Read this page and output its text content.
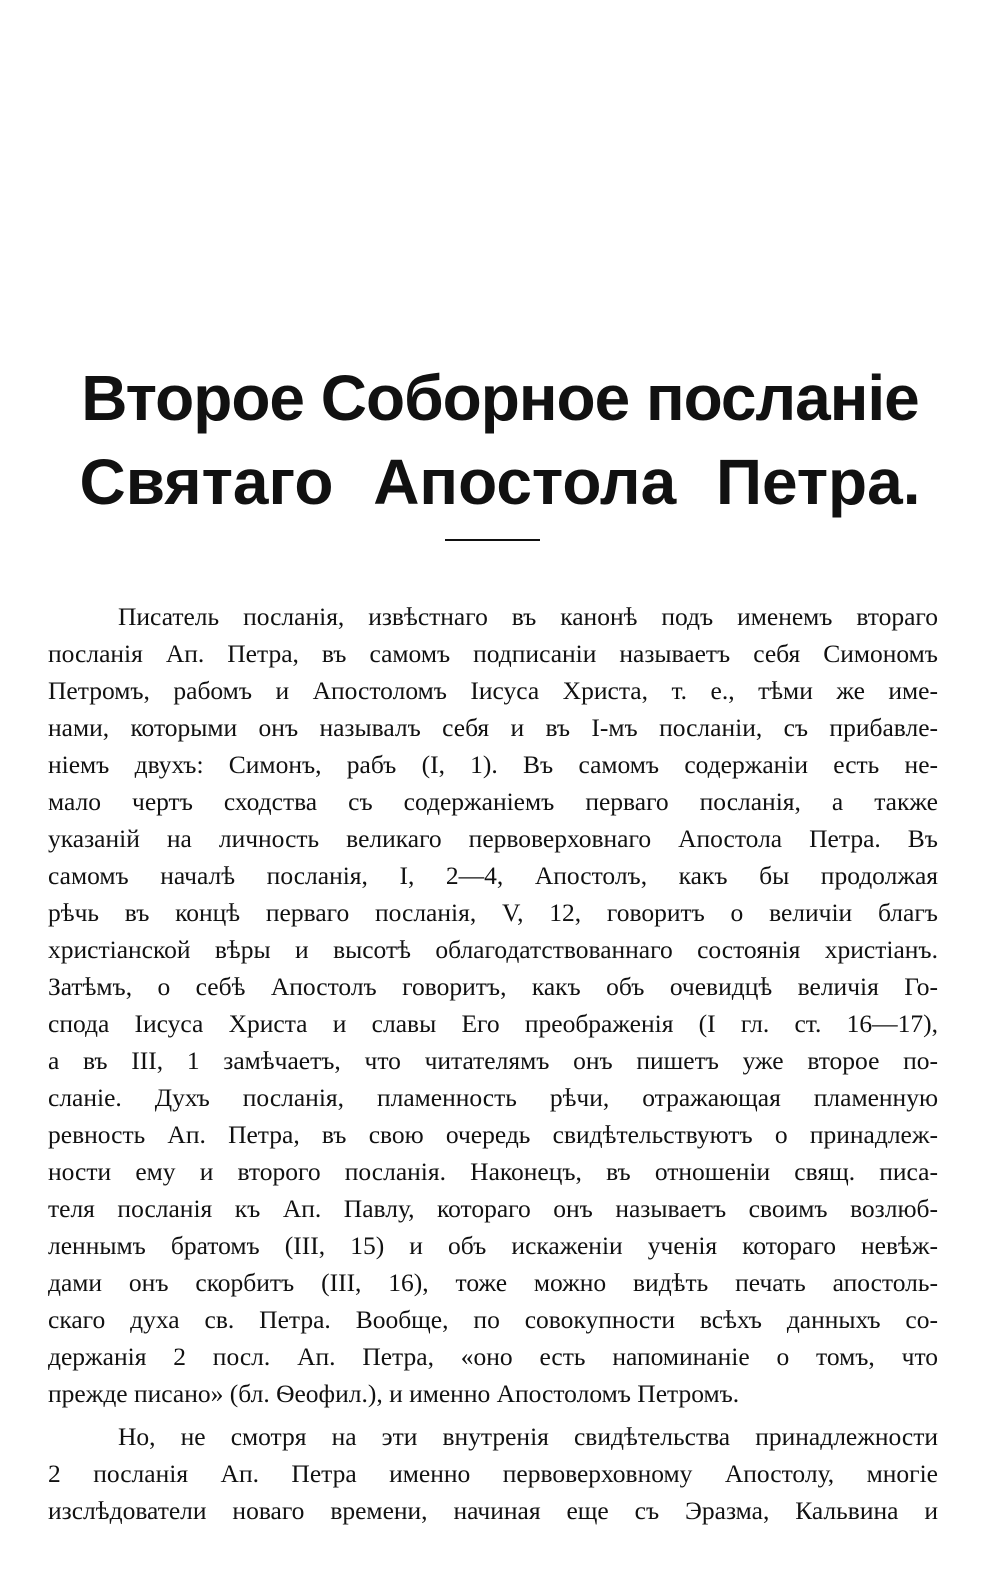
Второе Соборное посланіе
Святаго Апостола Петра.
Писатель посланія, извѣстнаго въ канонѣ подъ именемъ втораго
посланія Ап. Петра, въ самомъ подписаніи называетъ себя Симономъ
Петромъ, рабомъ и Апостоломъ Іисуса Христа, т. е., тѣми же име-
нами, которыми онъ называлъ себя и въ І-мъ посланіи, съ прибавле-
ніемъ двухъ: Симонъ, рабъ (I, 1). Въ самомъ содержаніи есть не-
мало чертъ сходства съ содержаніемъ перваго посланія, а также
указаній на личность великаго первоверховнаго Апостола Петра. Въ
самомъ началѣ посланія, I, 2—4, Апостолъ, какъ бы продолжая
рѣчь въ концѣ перваго посланія, V, 12, говоритъ о величіи благъ
христіанской вѣры и высотѣ облагодатствованнаго состоянія христіанъ.
Затѣмъ, о себѣ Апостолъ говоритъ, какъ объ очевидцѣ величія Го-
спода Іисуса Христа и славы Его преображенія (I гл. ст. 16—17),
а въ III, 1 замѣчаетъ, что читателямъ онъ пишетъ уже второе по-
сланіе. Духъ посланія, пламенность рѣчи, отражающая пламенную
ревность Ап. Петра, въ свою очередь свидѣтельствуютъ о принадлеж-
ности ему и второго посланія. Наконецъ, въ отношеніи свящ. писа-
теля посланія къ Ап. Павлу, котораго онъ называетъ своимъ возлюб-
леннымъ братомъ (III, 15) и объ искаженіи ученія котораго невѣж-
дами онъ скорбитъ (III, 16), тоже можно видѣть печать апостоль-
скаго духа св. Петра. Вообще, по совокупности всѣхъ данныхъ со-
держанія 2 посл. Ап. Петра, «оно есть напоминаніе о томъ, что
прежде писано» (бл. Ѳеофил.), и именно Апостоломъ Петромъ.
Но, не смотря на эти внутренія свидѣтельства принадлежности
2 посланія Ап. Петра именно первоверховному Апостолу, многіе
изслѣдователи новаго времени, начиная еще съ Эразма, Кальвина и
